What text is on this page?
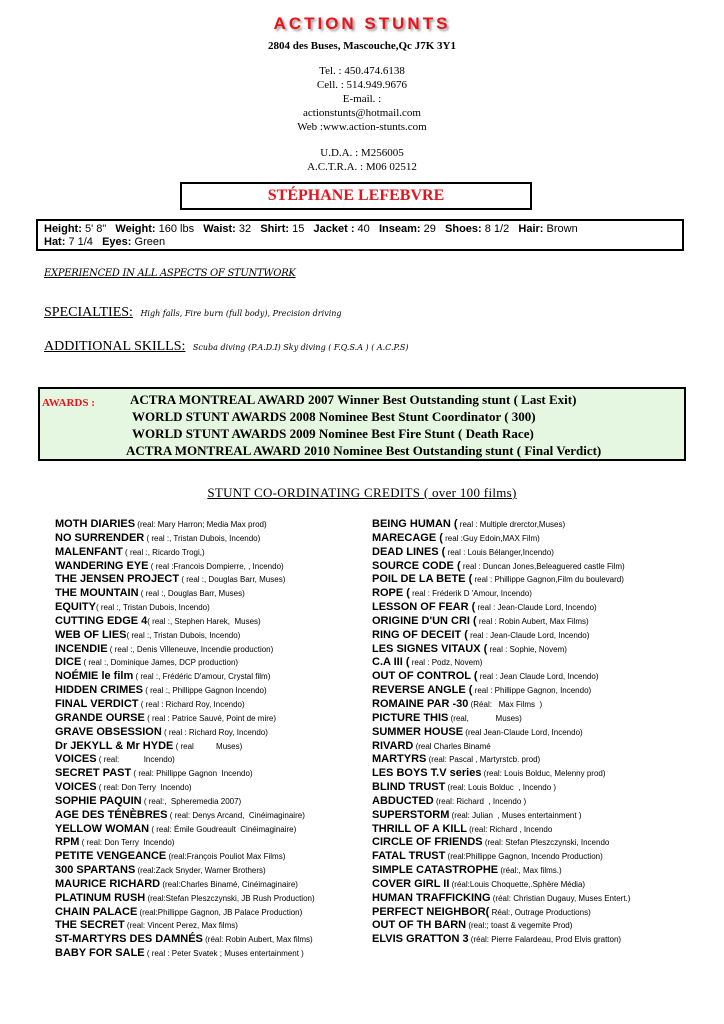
ACTION STUNTS
2804 des Buses, Mascouche,Qc J7K 3Y1
Tel. : 450.474.6138
Cell. : 514.949.9676
E-mail. :
actionstunts@hotmail.com
Web :www.action-stunts.com
U.D.A. : M256005
A.C.T.R.A. : M06 02512
STÉPHANE LEFEBVRE
Height: 5' 8"   Weight: 160 lbs   Waist: 32   Shirt: 15   Jacket : 40   Inseam: 29   Shoes: 8 1/2   Hair: Brown
Hat: 7 1/4   Eyes: Green
EXPERIENCED IN ALL ASPECTS OF STUNTWORK
SPECIALTIES: High falls, Fire burn (full body), Precision driving
ADDITIONAL SKILLS: Scuba diving (P.A.D.I) Sky diving ( F.Q.S.A ) ( A.C.P.S)
AWARDS :	ACTRA MONTREAL AWARD 2007 Winner Best Outstanding stunt ( Last Exit)
WORLD STUNT AWARDS 2008 Nominee Best Stunt Coordinator ( 300)
WORLD STUNT AWARDS 2009 Nominee Best Fire Stunt ( Death Race)
ACTRA MONTREAL AWARD 2010 Nominee Best Outstanding stunt ( Final Verdict)
STUNT CO-ORDINATING CREDITS ( over 100 films)
MOTH DIARIES (real: Mary Harron; Media Max prod)
NO SURRENDER ( real :, Tristan Dubois, Incendo)
MALENFANT ( real :, Ricardo Trogi,)
WANDERING EYE ( real :Francois Dompierre, , Incendo)
THE JENSEN PROJECT ( real :, Douglas Barr, Muses)
THE MOUNTAIN ( real :, Douglas Barr, Muses)
EQUITY( real :, Tristan Dubois, Incendo)
CUTTING EDGE 4( real :, Stephen Harek,  Muses)
WEB OF LIES( real :, Tristan Dubois, Incendo)
INCENDIE ( real :, Denis Villeneuve, Incendie production)
DICE ( real :, Dominique James, DCP production)
NOÉMIE le film ( real :, Frédéric D'amour, Crystal film)
HIDDEN CRIMES ( real :, Phillippe Gagnon Incendo)
FINAL VERDICT ( real : Richard Roy, Incendo)
GRANDE OURSE ( real : Patrice Sauvé, Point de mire)
GRAVE OBSESSION ( real : Richard Roy, Incendo)
Dr JEKYLL & Mr HYDE ( real          Muses)
VOICES ( real:           Incendo)
SECRET PAST ( real: Phillippe Gagnon  Incendo)
VOICES ( real: Don Terry  Incendo)
SOPHIE PAQUIN ( real:,  Spheremedia 2007)
AGE DES TÉNÈBRES ( real: Denys Arcand,  Cinéimaginaire)
YELLOW WOMAN ( real: Émile Goudreault  Cinéimaginaire)
RPM ( real: Don Terry  Incendo)
PETITE VENGEANCE (real:François Pouliot Max Films)
300 SPARTANS (real:Zack Snyder, Warner Brothers)
MAURICE RICHARD (real:Charles Binamé, Cinéimaginaire)
PLATINUM RUSH (real:Stefan Pleszczynski, JB Rush Production)
CHAIN PALACE (real:Phillippe Gagnon, JB Palace Production)
THE SECRET (real: Vincent Perez, Max films)
ST-MARTYRS DES DAMNÉS (réal: Robin Aubert, Max films)
BABY FOR SALE ( real : Peter Svatek ; Muses entertainment )
BEING HUMAN ( real : Multiple drerctor,Muses)
MARECAGE ( real :Guy Edoin,MAX Film)
DEAD LINES ( real : Louis Bélanger,Incendo)
SOURCE CODE ( real : Duncan Jones,Beleaguered castle Film)
POIL DE LA BETE ( real : Phillippe Gagnon,Film du boulevard)
ROPE ( real : Fréderik D 'Amour, Incendo)
LESSON OF FEAR ( real : Jean-Claude Lord, Incendo)
ORIGINE D'UN CRI ( real : Robin Aubert, Max Films)
RING OF DECEIT ( real : Jean-Claude Lord, Incendo)
LES SIGNES VITAUX ( real : Sophie, Novem)
C.A III ( real : Podz, Novem)
OUT OF CONTROL ( real : Jean Claude Lord, Incendo)
REVERSE ANGLE ( real : Phillippe Gagnon, Incendo)
ROMAINE PAR -30 (Réal:   Max Films  )
PICTURE THIS (real,            Muses)
SUMMER HOUSE (real Jean-Claude Lord, Incendo)
RIVARD (real Charles Binamé
MARTYRS (real: Pascal , Martyrstcb. prod)
LES BOYS T.V series (real: Louis Bolduc, Melenny prod)
BLIND TRUST (real: Louis Bolduc  , Incendo )
ABDUCTED (real: Richard  , Incendo )
SUPERSTORM (real: Julian  , Muses entertainment )
THRILL OF A KILL (real: Richard , Incendo
CIRCLE OF FRIENDS (real: Stefan Pleszczynski, Incendo
FATAL TRUST (real:Phillippe Gagnon, Incendo Production)
SIMPLE CATASTROPHE (réal:, Max films.)
COVER GIRL II (réal:Louis Choquette,.Sphère Média)
HUMAN TRAFFICKING (réal: Christian Dugauy, Muses Entert.)
PERFECT NEIGHBOR( Réal:, Outrage Productions)
OUT OF TH BARN (real:; toast & vegemite Prod)
ELVIS GRATTON 3 (réal: Pierre Falardeau, Prod Elvis gratton)
